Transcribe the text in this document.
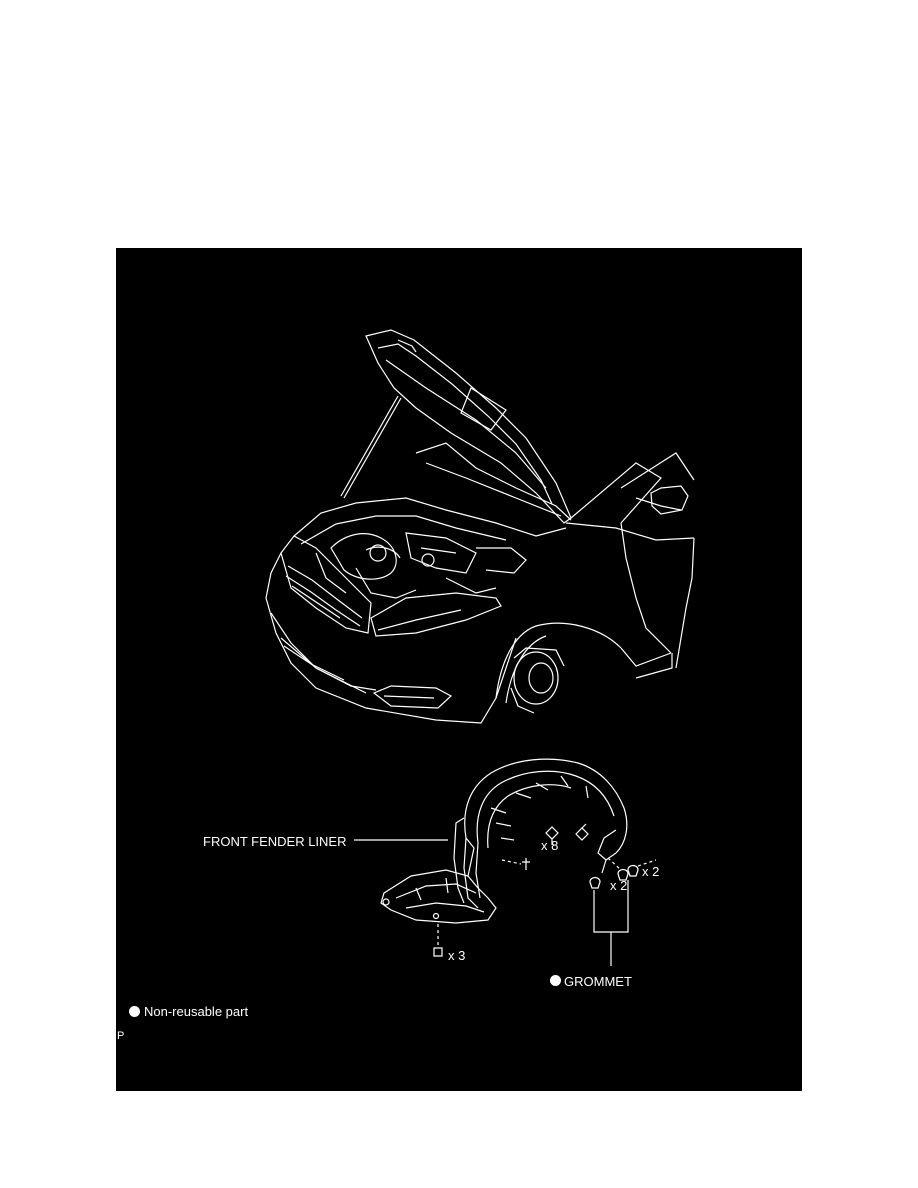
FRONT FENDER LINER	x 8
x 3
x 2
x 2
GROMMET
Non-reusable part
P
